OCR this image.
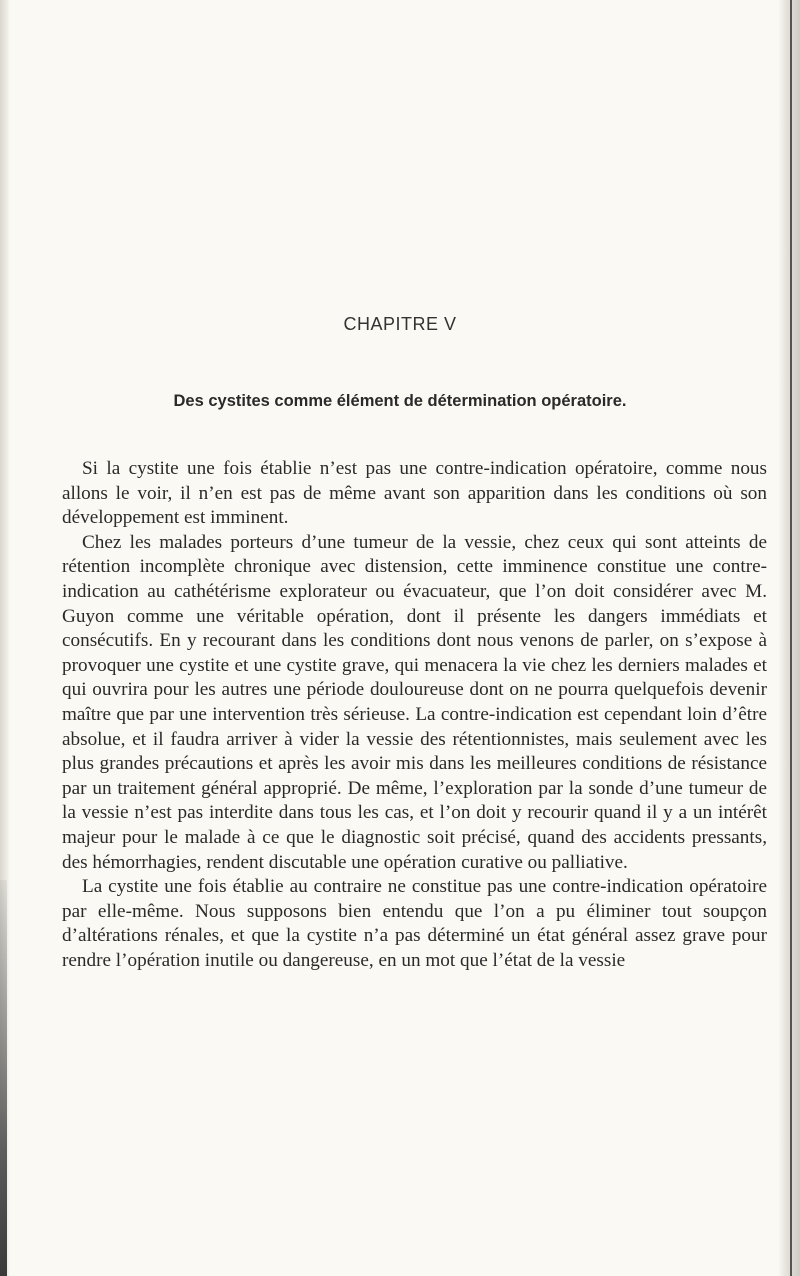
CHAPITRE V
Des cystites comme élément de détermination opératoire.

Si la cystite une fois établie n’est pas une contre-indication opératoire, comme nous allons le voir, il n’en est pas de même avant son apparition dans les conditions où son développement est imminent.

Chez les malades porteurs d’une tumeur de la vessie, chez ceux qui sont atteints de rétention incomplète chronique avec distension, cette imminence constitue une contre-indication au cathétérisme explorateur ou évacuateur, que l’on doit considérer avec M. Guyon comme une véritable opération, dont il présente les dangers immédiats et consécutifs. En y recourant dans les conditions dont nous venons de parler, on s’expose à provoquer une cystite et une cystite grave, qui menacera la vie chez les derniers malades et qui ouvrira pour les autres une période douloureuse dont on ne pourra quelquefois devenir maître que par une intervention très sérieuse. La contre-indication est cependant loin d’être absolue, et il faudra arriver à vider la vessie des rétentionnistes, mais seulement avec les plus grandes précautions et après les avoir mis dans les meilleures conditions de résistance par un traitement général approprié. De même, l’exploration par la sonde d’une tumeur de la vessie n’est pas interdite dans tous les cas, et l’on doit y recourir quand il y a un intérêt majeur pour le malade à ce que le diagnostic soit précisé, quand des accidents pressants, des hémorrhagies, rendent discutable une opération curative ou palliative.

La cystite une fois établie au contraire ne constitue pas une contre-indication opératoire par elle-même. Nous supposons bien entendu que l’on a pu éliminer tout soupçon d’altérations rénales, et que la cystite n’a pas déterminé un état général assez grave pour rendre l’opération inutile ou dangereuse, en un mot que l’état de la vessie
